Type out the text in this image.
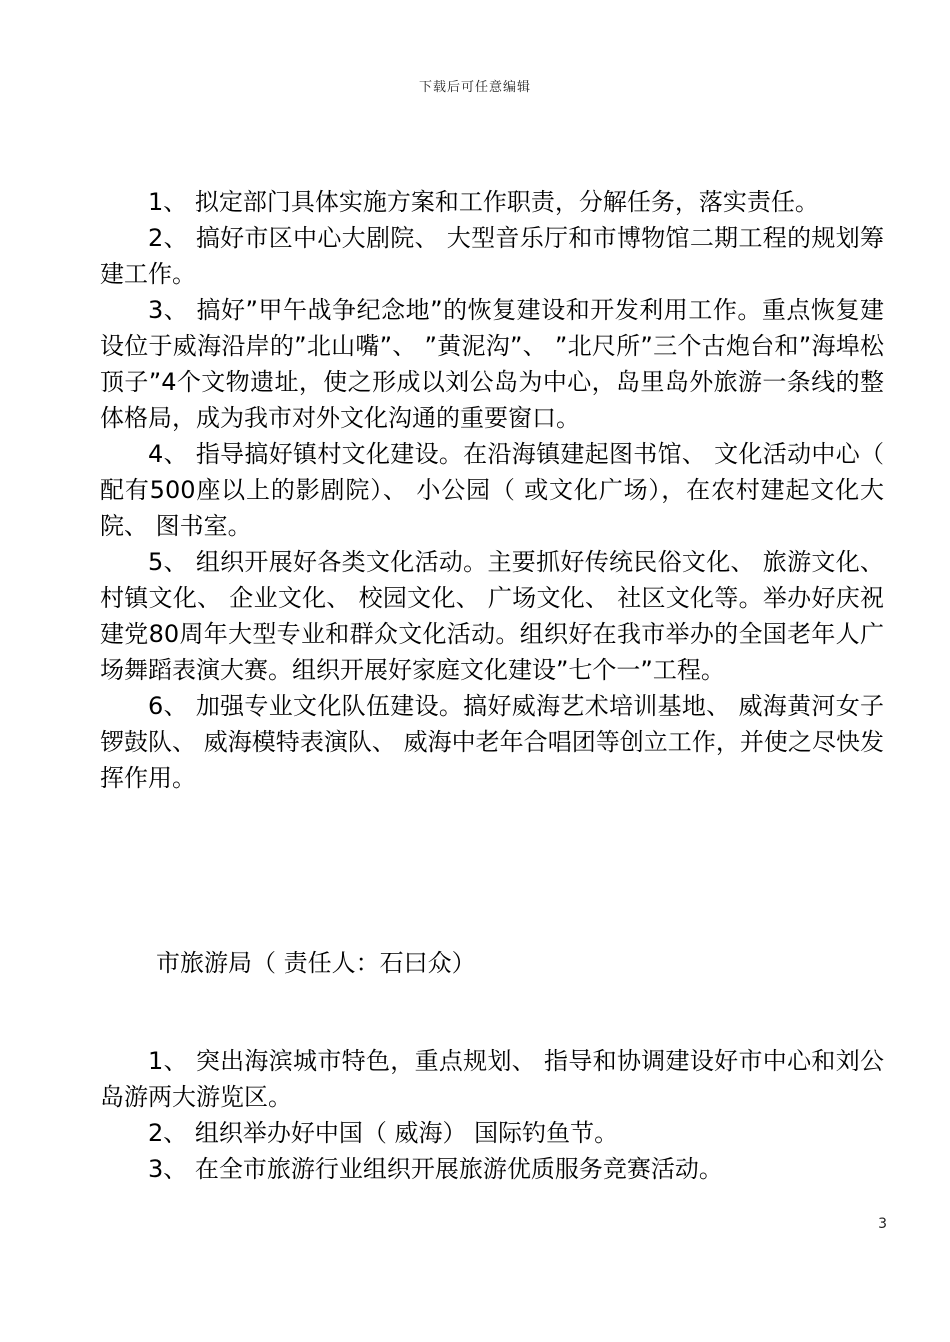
下载后可任意编辑

1、 拟定部门具体实施方案和工作职责，分解任务，落实责任。

2、 搞好市区中心大剧院、 大型音乐厅和市博物馆二期工程的规划筹建工作。

3、 搞好”甲午战争纪念地”的恢复建设和开发利用工作。重点恢复建设位于威海沿岸的”北山嘴”、 ”黄泥沟”、 ”北尺所”三个古炮台和”海埠松顶子”4个文物遗址，使之形成以刘公岛为中心，岛里岛外旅游一条线的整体格局，成为我市对外文化沟通的重要窗口。

4、 指导搞好镇村文化建设。在沿海镇建起图书馆、 文化活动中心（ 配有500座以上的影剧院）、 小公园（ 或文化广场），在农村建起文化大院、 图书室。

5、 组织开展好各类文化活动。主要抓好传统民俗文化、 旅游文化、 村镇文化、 企业文化、 校园文化、 广场文化、 社区文化等。举办好庆祝建党80周年大型专业和群众文化活动。组织好在我市举办的全国老年人广场舞蹈表演大赛。组织开展好家庭文化建设”七个一”工程。

6、 加强专业文化队伍建设。搞好威海艺术培训基地、 威海黄河女子锣鼓队、 威海模特表演队、 威海中老年合唱团等创立工作，并使之尽快发挥作用。

市旅游局（ 责任人：石曰众）

1、 突出海滨城市特色，重点规划、 指导和协调建设好市中心和刘公岛游两大游览区。

2、 组织举办好中国（ 威海） 国际钓鱼节。

3、 在全市旅游行业组织开展旅游优质服务竞赛活动。

3
